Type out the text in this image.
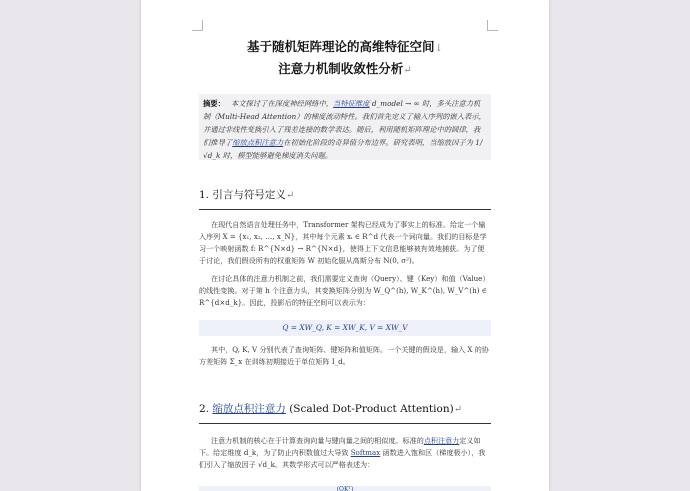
基于随机矩阵理论的高维特征空间↓
注意力机制收敛性分析↵
摘要： 本文探讨了在深度神经网络中，当特征维度 d_model → ∞ 时，多头注意力机制（Multi-Head Attention）的梯度流动特性。我们首先定义了输入序列的嵌入表示，并通过非线性变换引入了残差连接的数学表达。随后，利用随机矩阵理论中的圆律，我们推导了缩放点积注意力在初始化阶段的奇异值分布边界。研究表明，当缩放因子为 1/√d_k 时，模型能够避免梯度消失问题。
1. 引言与符号定义↵
在现代自然语言处理任务中，Transformer 架构已经成为了事实上的标准。给定一个输入序列 X = {x₁, x₂, …, x_N}，其中每个元素 xᵢ ∈ R^d 代表一个词向量。我们的目标是学习一个映射函数 f: R^{N×d} → R^{N×d}，使得上下文信息能够被有效地捕获。为了便于讨论，我们假设所有的权重矩阵 W 初始化服从高斯分布 N(0, σ²)。
在讨论具体的注意力机制之前，我们需要定义查询（Query）、键（Key）和值（Value）的线性变换。对于第 h 个注意力头，其变换矩阵分别为 W_Q^(h), W_K^(h), W_V^(h) ∈ R^{d×d_k}。因此，投影后的特征空间可以表示为：
Q = XW_Q, K = XW_K, V = XW_V
其中，Q, K, V 分别代表了查询矩阵、键矩阵和值矩阵。一个关键的假设是，输入 X 的协方差矩阵 Σ_x 在训练初期接近于单位矩阵 I_d。
2. 缩放点积注意力 (Scaled Dot-Product Attention)↵
注意力机制的核心在于计算查询向量与键向量之间的相似度。标准的点积注意力定义如下。给定维度 d_k，为了防止内积数值过大导致 Softmax 函数进入饱和区（梯度极小），我们引入了缩放因子 √d_k。其数学形式可以严格表述为：
(QKᵀ)
